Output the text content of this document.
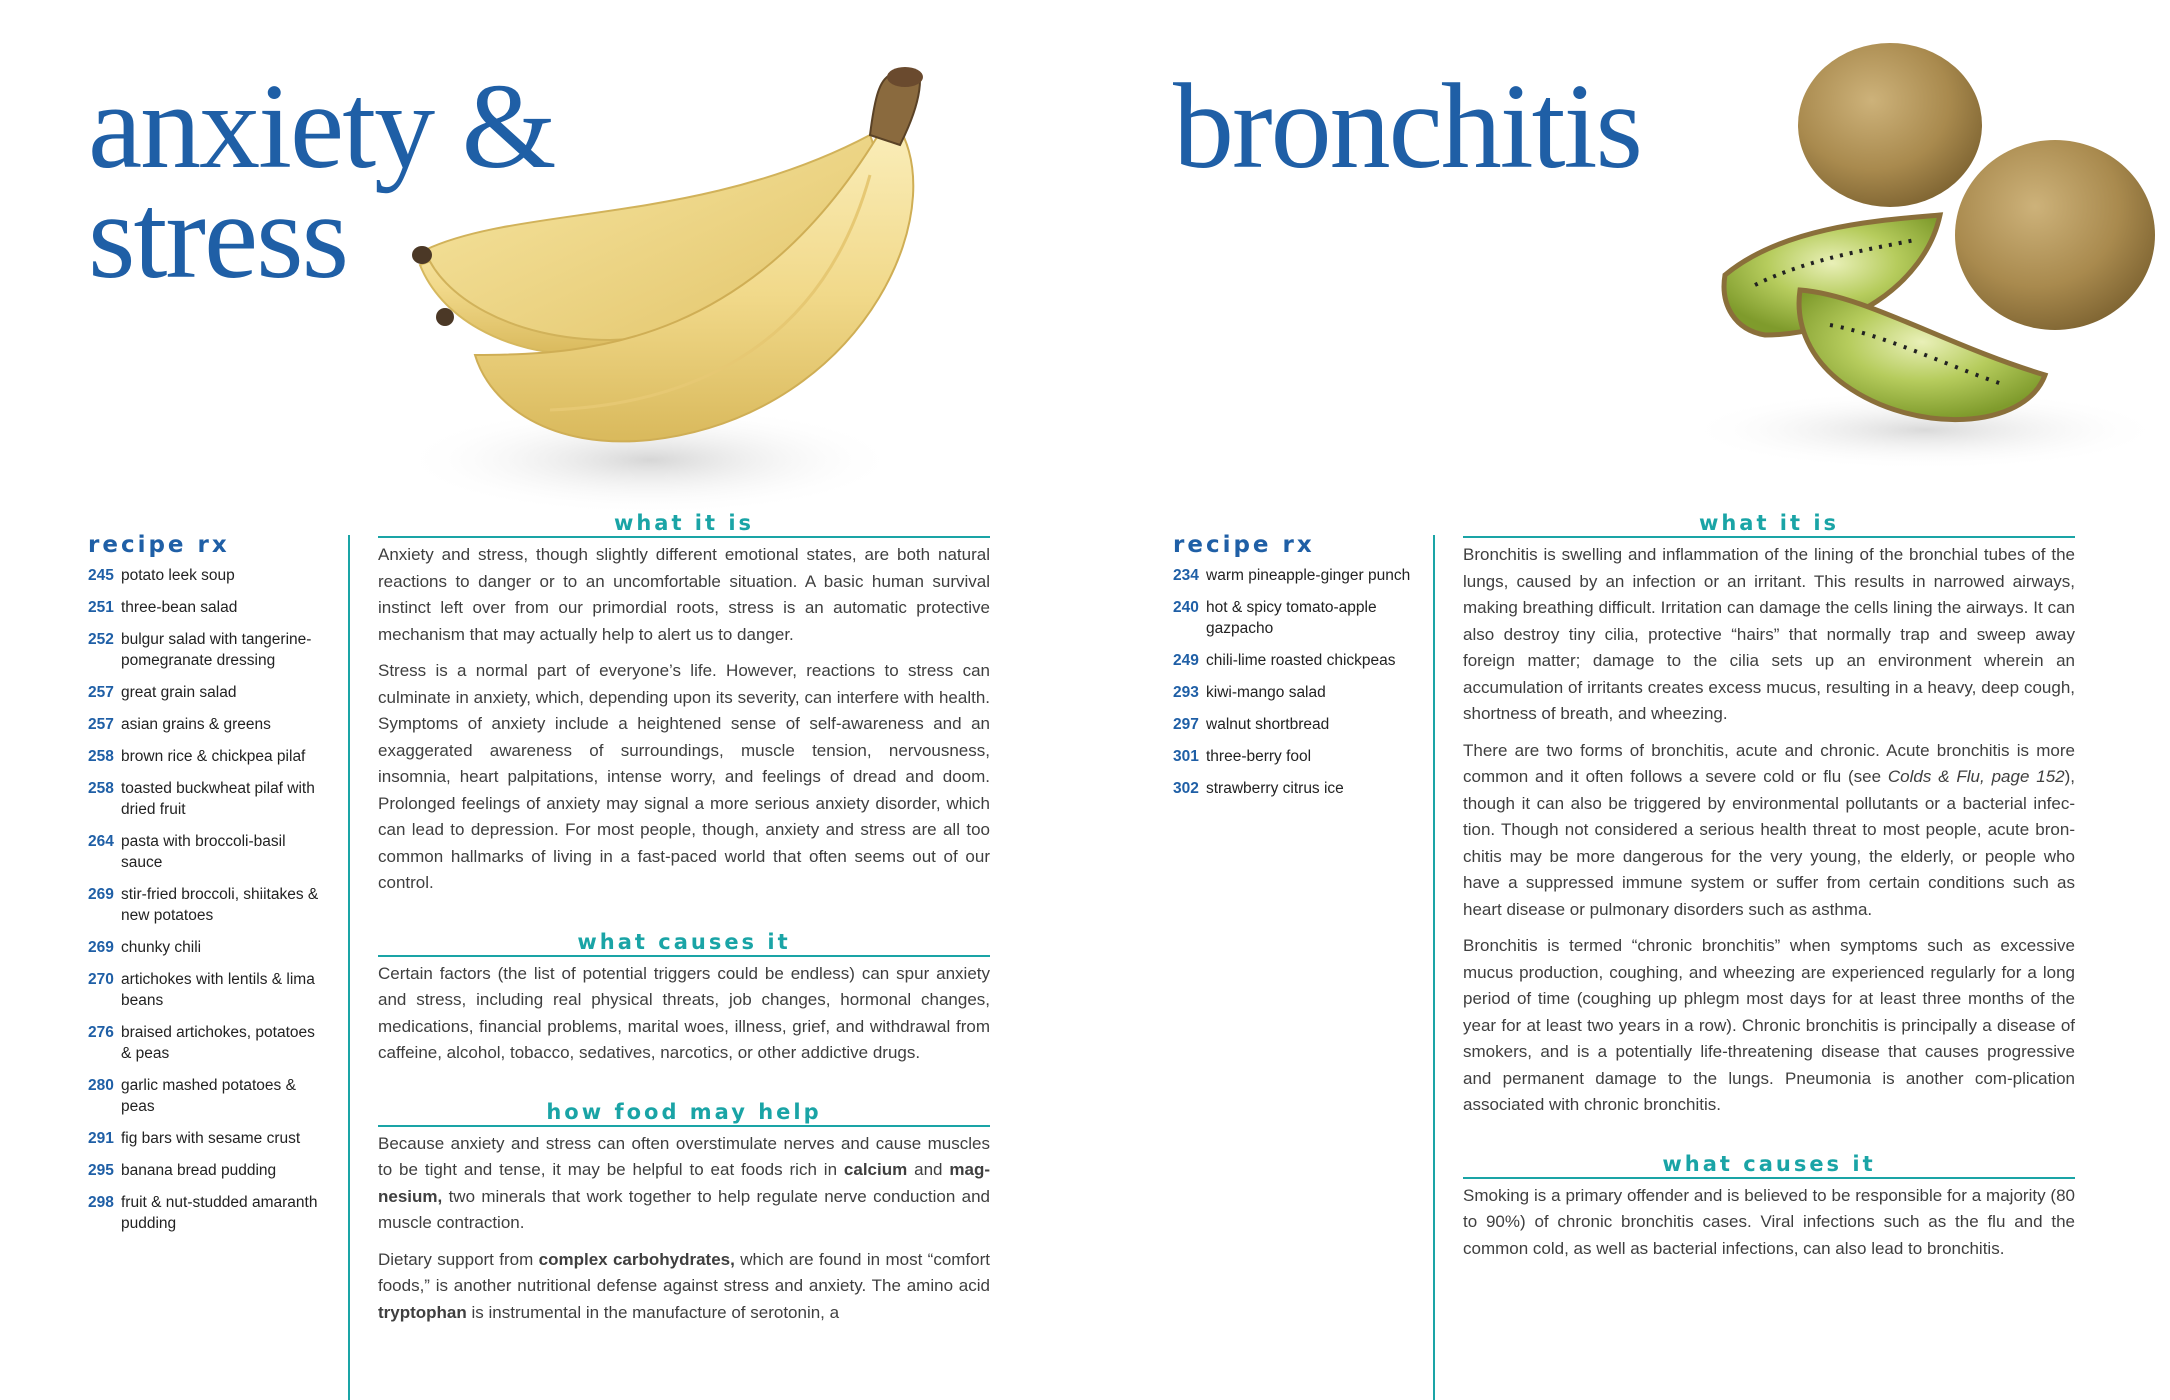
anxiety &
stress
recipe rx
245 potato leek soup
251 three-bean salad
252 bulgur salad with tangerine-pomegranate dressing
257 great grain salad
257 asian grains & greens
258 brown rice & chickpea pilaf
258 toasted buckwheat pilaf with dried fruit
264 pasta with broccoli-basil sauce
269 stir-fried broccoli, shiitakes & new potatoes
269 chunky chili
270 artichokes with lentils & lima beans
276 braised artichokes, potatoes & peas
280 garlic mashed potatoes & peas
291 fig bars with sesame crust
295 banana bread pudding
298 fruit & nut-studded amaranth pudding
what it is

Anxiety and stress, though slightly different emotional states, are both natural reactions to danger or to an uncomfortable situation. A basic human survival instinct left over from our primordial roots, stress is an automatic protective mechanism that may actually help to alert us to danger.

Stress is a normal part of everyone’s life. However, reactions to stress can culminate in anxiety, which, depending upon its severity, can interfere with health. Symptoms of anxiety include a heightened sense of self-awareness and an exaggerated awareness of surroundings, muscle tension, nervousness, insomnia, heart palpitations, intense worry, and feelings of dread and doom. Prolonged feelings of anxiety may signal a more serious anxiety disorder, which can lead to depression. For most people, though, anxiety and stress are all too common hallmarks of living in a fast-paced world that often seems out of our control.

what causes it

Certain factors (the list of potential triggers could be endless) can spur anxiety and stress, including real physical threats, job changes, hormonal changes, medications, financial problems, marital woes, illness, grief, and withdrawal from caffeine, alcohol, tobacco, sedatives, narcotics, or other addictive drugs.

how food may help

Because anxiety and stress can often overstimulate nerves and cause muscles to be tight and tense, it may be helpful to eat foods rich in calcium and mag-nesium, two minerals that work together to help regulate nerve conduction and muscle contraction.

Dietary support from complex carbohydrates, which are found in most “comfort foods,” is another nutritional defense against stress and anxiety. The amino acid tryptophan is instrumental in the manufacture of serotonin, a

bronchitis
recipe rx
234 warm pineapple-ginger punch
240 hot & spicy tomato-apple gazpacho
249 chili-lime roasted chickpeas
293 kiwi-mango salad
297 walnut shortbread
301 three-berry fool
302 strawberry citrus ice
what it is

Bronchitis is swelling and inflammation of the lining of the bronchial tubes of the lungs, caused by an infection or an irritant. This results in narrowed airways, making breathing difficult. Irritation can damage the cells lining the airways. It can also destroy tiny cilia, protective “hairs” that normally trap and sweep away foreign matter; damage to the cilia sets up an environment wherein an accumulation of irritants creates excess mucus, resulting in a heavy, deep cough, shortness of breath, and wheezing.

There are two forms of bronchitis, acute and chronic. Acute bronchitis is more common and it often follows a severe cold or flu (see Colds & Flu, page 152), though it can also be triggered by environmental pollutants or a bacterial infec-tion. Though not considered a serious health threat to most people, acute bron-chitis may be more dangerous for the very young, the elderly, or people who have a suppressed immune system or suffer from certain conditions such as heart disease or pulmonary disorders such as asthma.

Bronchitis is termed “chronic bronchitis” when symptoms such as excessive mucus production, coughing, and wheezing are experienced regularly for a long period of time (coughing up phlegm most days for at least three months of the year for at least two years in a row). Chronic bronchitis is principally a disease of smokers, and is a potentially life-threatening disease that causes progressive and permanent damage to the lungs. Pneumonia is another com-plication associated with chronic bronchitis.

what causes it

Smoking is a primary offender and is believed to be responsible for a majority (80 to 90%) of chronic bronchitis cases. Viral infections such as the flu and the common cold, as well as bacterial infections, can also lead to bronchitis.
